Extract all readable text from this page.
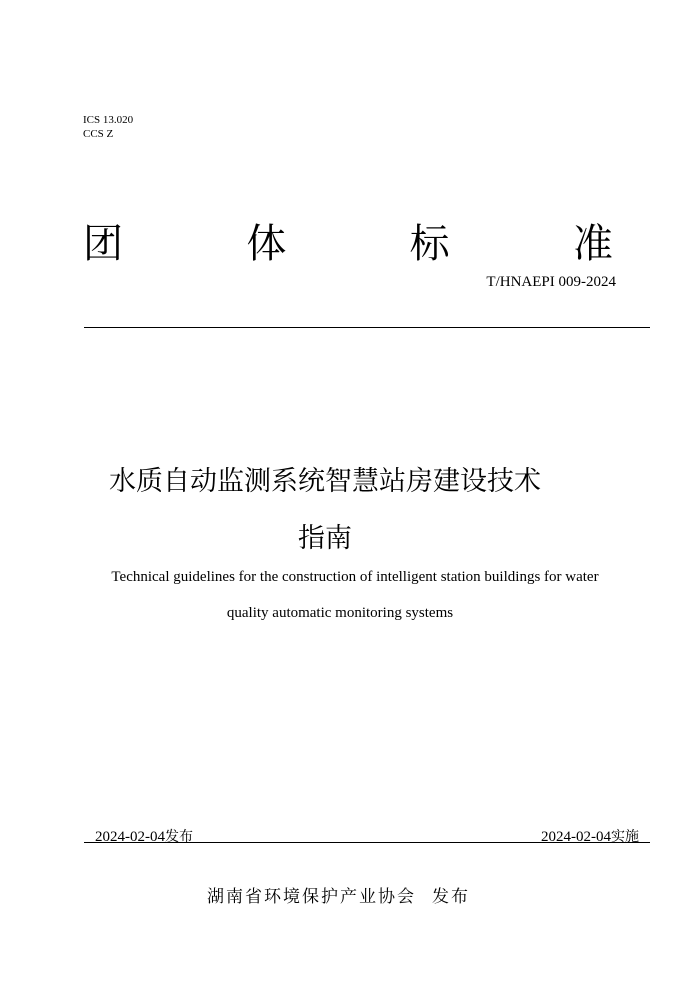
ICS 13.020
CCS Z
团	体	标	准
T/HNAEPI 009-2024
水质自动监测系统智慧站房建设技术
指南
Technical guidelines for the construction of intelligent station buildings for water
quality automatic monitoring systems
2024-02-04发布	2024-02-04实施
湖南省环境保护产业协会 发布
